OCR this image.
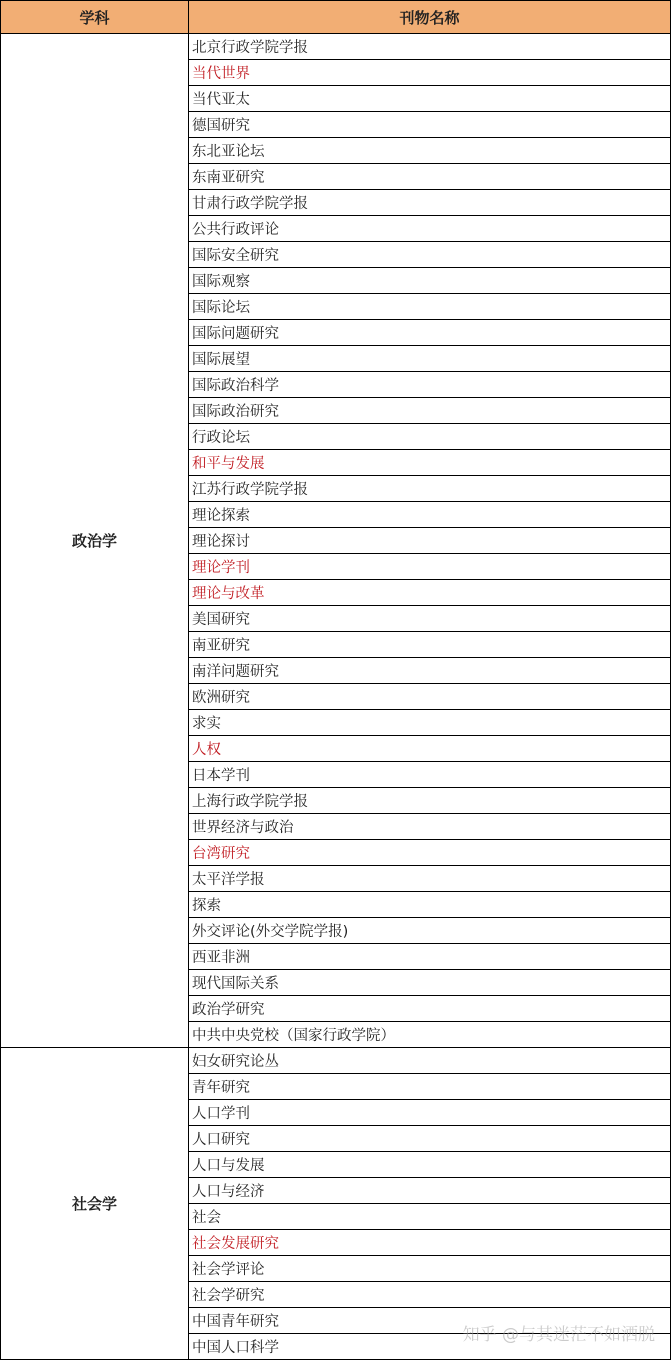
学科	刊物名称
政治学	北京行政学院学报
	当代世界
	当代亚太
	德国研究
	东北亚论坛
	东南亚研究
	甘肃行政学院学报
	公共行政评论
	国际安全研究
	国际观察
	国际论坛
	国际问题研究
	国际展望
	国际政治科学
	国际政治研究
	行政论坛
	和平与发展
	江苏行政学院学报
	理论探索
	理论探讨
	理论学刊
	理论与改革
	美国研究
	南亚研究
	南洋问题研究
	欧洲研究
	求实
	人权
	日本学刊
	上海行政学院学报
	世界经济与政治
	台湾研究
	太平洋学报
	探索
	外交评论(外交学院学报)
	西亚非洲
	现代国际关系
	政治学研究
	中共中央党校（国家行政学院）
社会学	妇女研究论丛
	青年研究
	人口学刊
	人口研究
	人口与发展
	人口与经济
	社会
	社会发展研究
	社会学评论
	社会学研究
	中国青年研究
	中国人口科学
知乎 @与其迷茫不如洒脱
